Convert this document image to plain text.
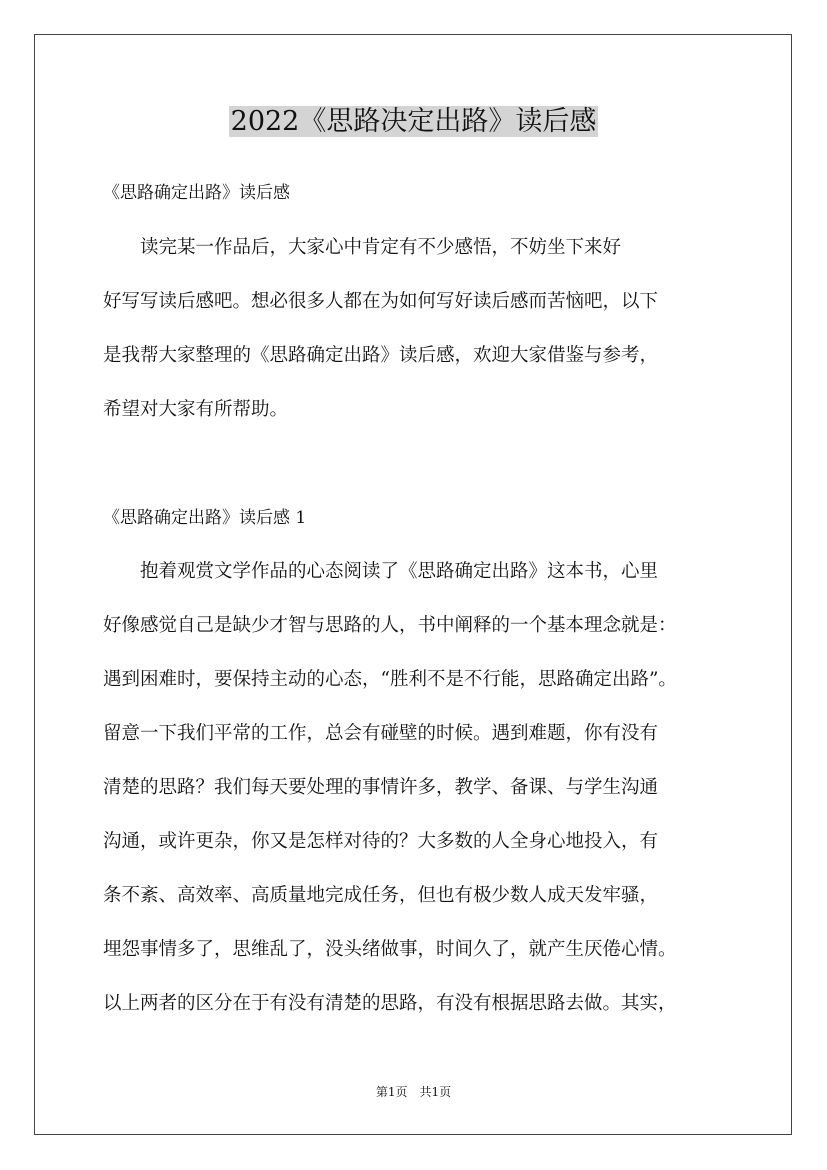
2022《思路决定出路》读后感
《思路确定出路》读后感
　　读完某一作品后，大家心中肯定有不少感悟，不妨坐下来好
好写写读后感吧。想必很多人都在为如何写好读后感而苦恼吧，以下
是我帮大家整理的《思路确定出路》读后感，欢迎大家借鉴与参考，
希望对大家有所帮助。
《思路确定出路》读后感 1
　　抱着观赏文学作品的心态阅读了《思路确定出路》这本书，心里
好像感觉自己是缺少才智与思路的人，书中阐释的一个基本理念就是：
遇到困难时，要保持主动的心态，“胜利不是不行能，思路确定出路”。
留意一下我们平常的工作，总会有碰壁的时候。遇到难题，你有没有
清楚的思路？我们每天要处理的事情许多，教学、备课、与学生沟通
沟通，或许更杂，你又是怎样对待的？大多数的人全身心地投入，有
条不紊、高效率、高质量地完成任务，但也有极少数人成天发牢骚，
埋怨事情多了，思维乱了，没头绪做事，时间久了，就产生厌倦心情。
以上两者的区分在于有没有清楚的思路，有没有根据思路去做。其实，
第1页　共1页
